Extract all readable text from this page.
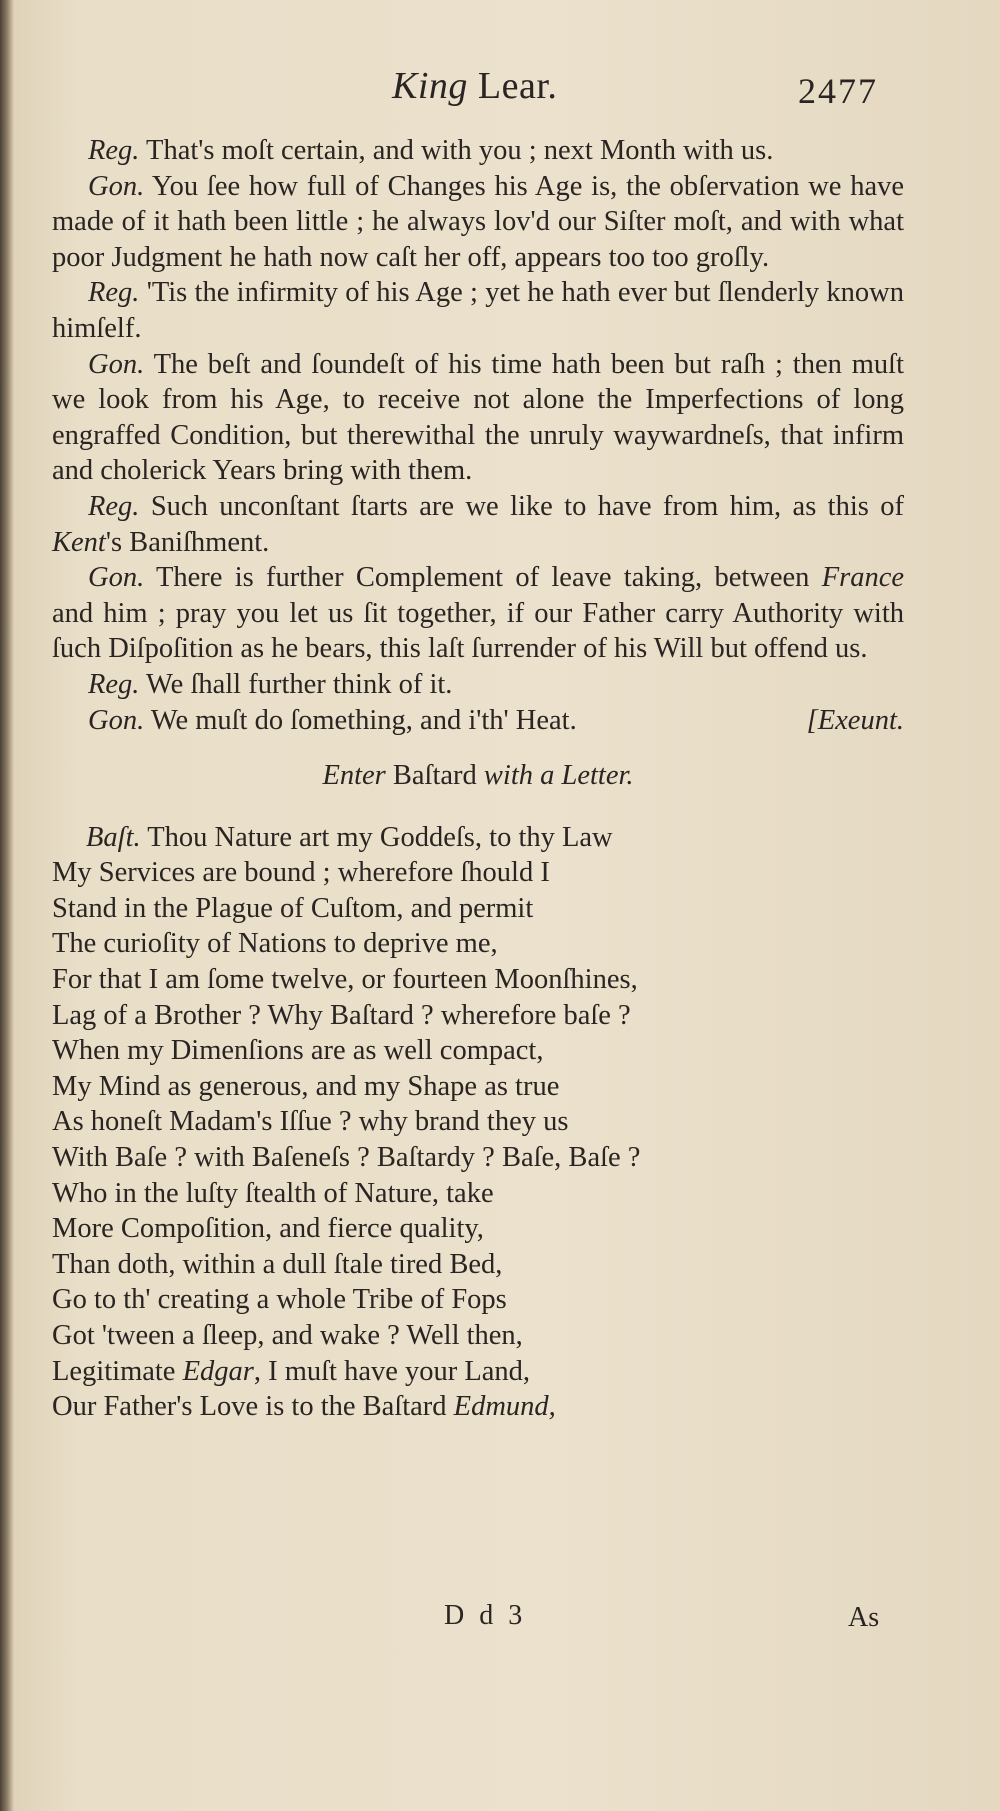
King Lear.	2477

Reg. That's moſt certain, and with you ; next Month with us.

Gon. You ſee how full of Changes his Age is, the obſervation we have made of it hath been little ; he always lov'd our Siſter moſt, and with what poor Judgment he hath now caſt her off, appears too too groſly.

Reg. 'Tis the infirmity of his Age ; yet he hath ever but ſlenderly known himſelf.

Gon. The beſt and ſoundeſt of his time hath been but raſh ; then muſt we look from his Age, to receive not alone the Imperfections of long engraffed Condition, but therewithal the unruly waywardneſs, that infirm and cholerick Years bring with them.

Reg. Such unconſtant ſtarts are we like to have from him, as this of Kent's Baniſhment.

Gon. There is further Complement of leave taking, between France and him ; pray you let us ſit together, if our Father carry Authority with ſuch Diſpoſition as he bears, this laſt ſurrender of his Will but offend us.

Reg. We ſhall further think of it.

Gon. We muſt do ſomething, and i'th' Heat.	[Exeunt.

Enter Baſtard with a Letter.
Baſt. Thou Nature art my Goddeſs, to thy Law
My Services are bound ; wherefore ſhould I
Stand in the Plague of Cuſtom, and permit
The curioſity of Nations to deprive me,
For that I am ſome twelve, or fourteen Moonſhines,
Lag of a Brother ? Why Baſtard ? wherefore baſe ?
When my Dimenſions are as well compact,
My Mind as generous, and my Shape as true
As honeſt Madam's Iſſue ? why brand they us
With Baſe ? with Baſeneſs ? Baſtardy ? Baſe, Baſe ?
Who in the luſty ſtealth of Nature, take
More Compoſition, and fierce quality,
Than doth, within a dull ſtale tired Bed,
Go to th' creating a whole Tribe of Fops
Got 'tween a ſleep, and wake ? Well then,
Legitimate Edgar, I muſt have your Land,
Our Father's Love is to the Baſtard Edmund,
D d 3	As
